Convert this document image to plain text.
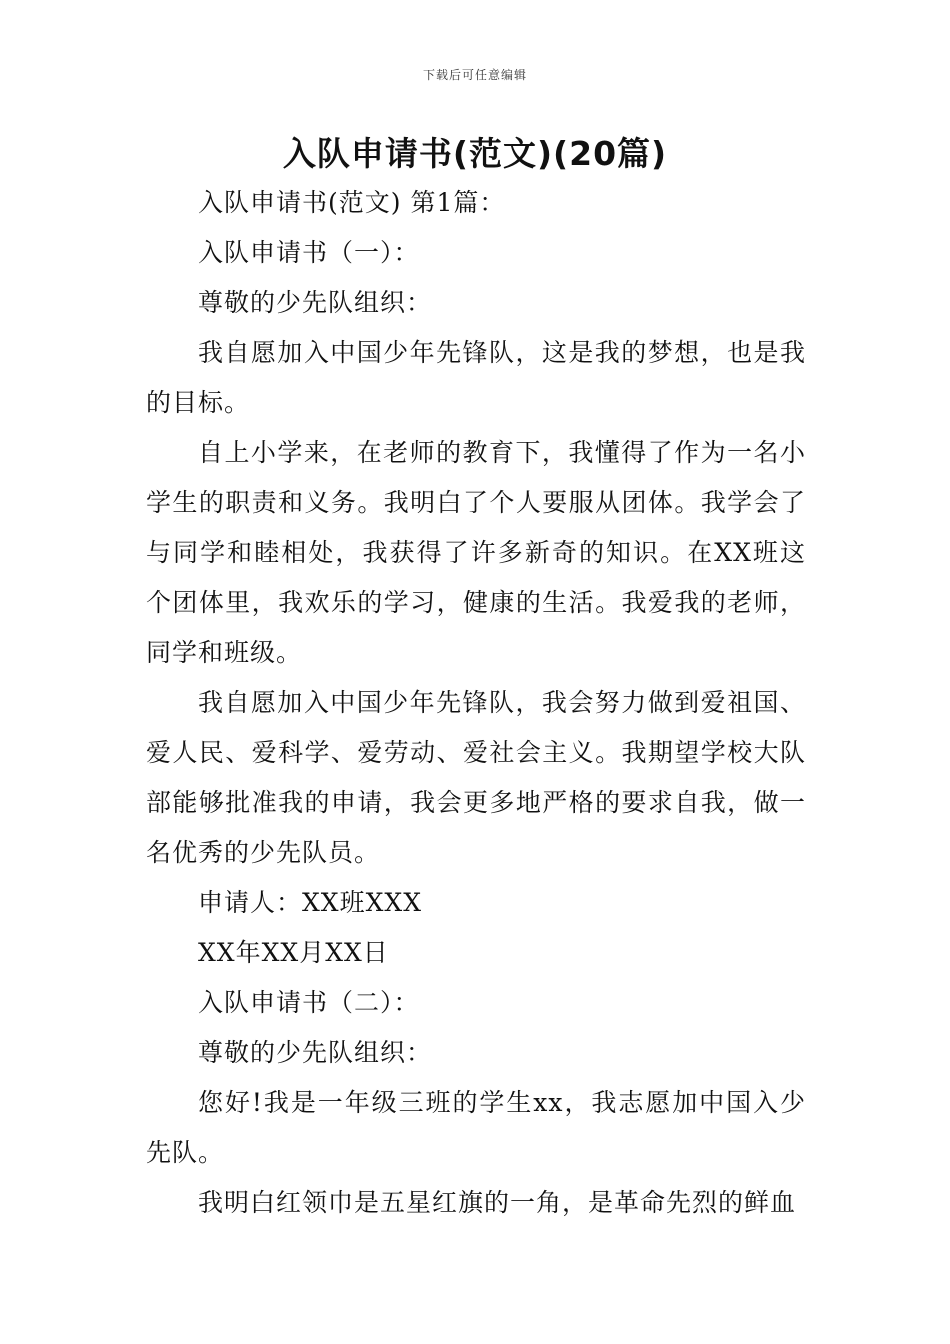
下载后可任意编辑
入队申请书(范文)(20篇)

入队申请书(范文) 第1篇：

入队申请书（一）：

尊敬的少先队组织：

我自愿加入中国少年先锋队，这是我的梦想，也是我的目标。

自上小学来，在老师的教育下，我懂得了作为一名小学生的职责和义务。我明白了个人要服从团体。我学会了与同学和睦相处，我获得了许多新奇的知识。在XX班这个团体里，我欢乐的学习，健康的生活。我爱我的老师，同学和班级。

我自愿加入中国少年先锋队，我会努力做到爱祖国、爱人民、爱科学、爱劳动、爱社会主义。我期望学校大队部能够批准我的申请，我会更多地严格的要求自我，做一名优秀的少先队员。

申请人：XX班XXX

XX年XX月XX日

入队申请书（二）：

尊敬的少先队组织：

您好!我是一年级三班的学生xx，我志愿加中国入少先队。

我明白红领巾是五星红旗的一角，是革命先烈的鲜血
